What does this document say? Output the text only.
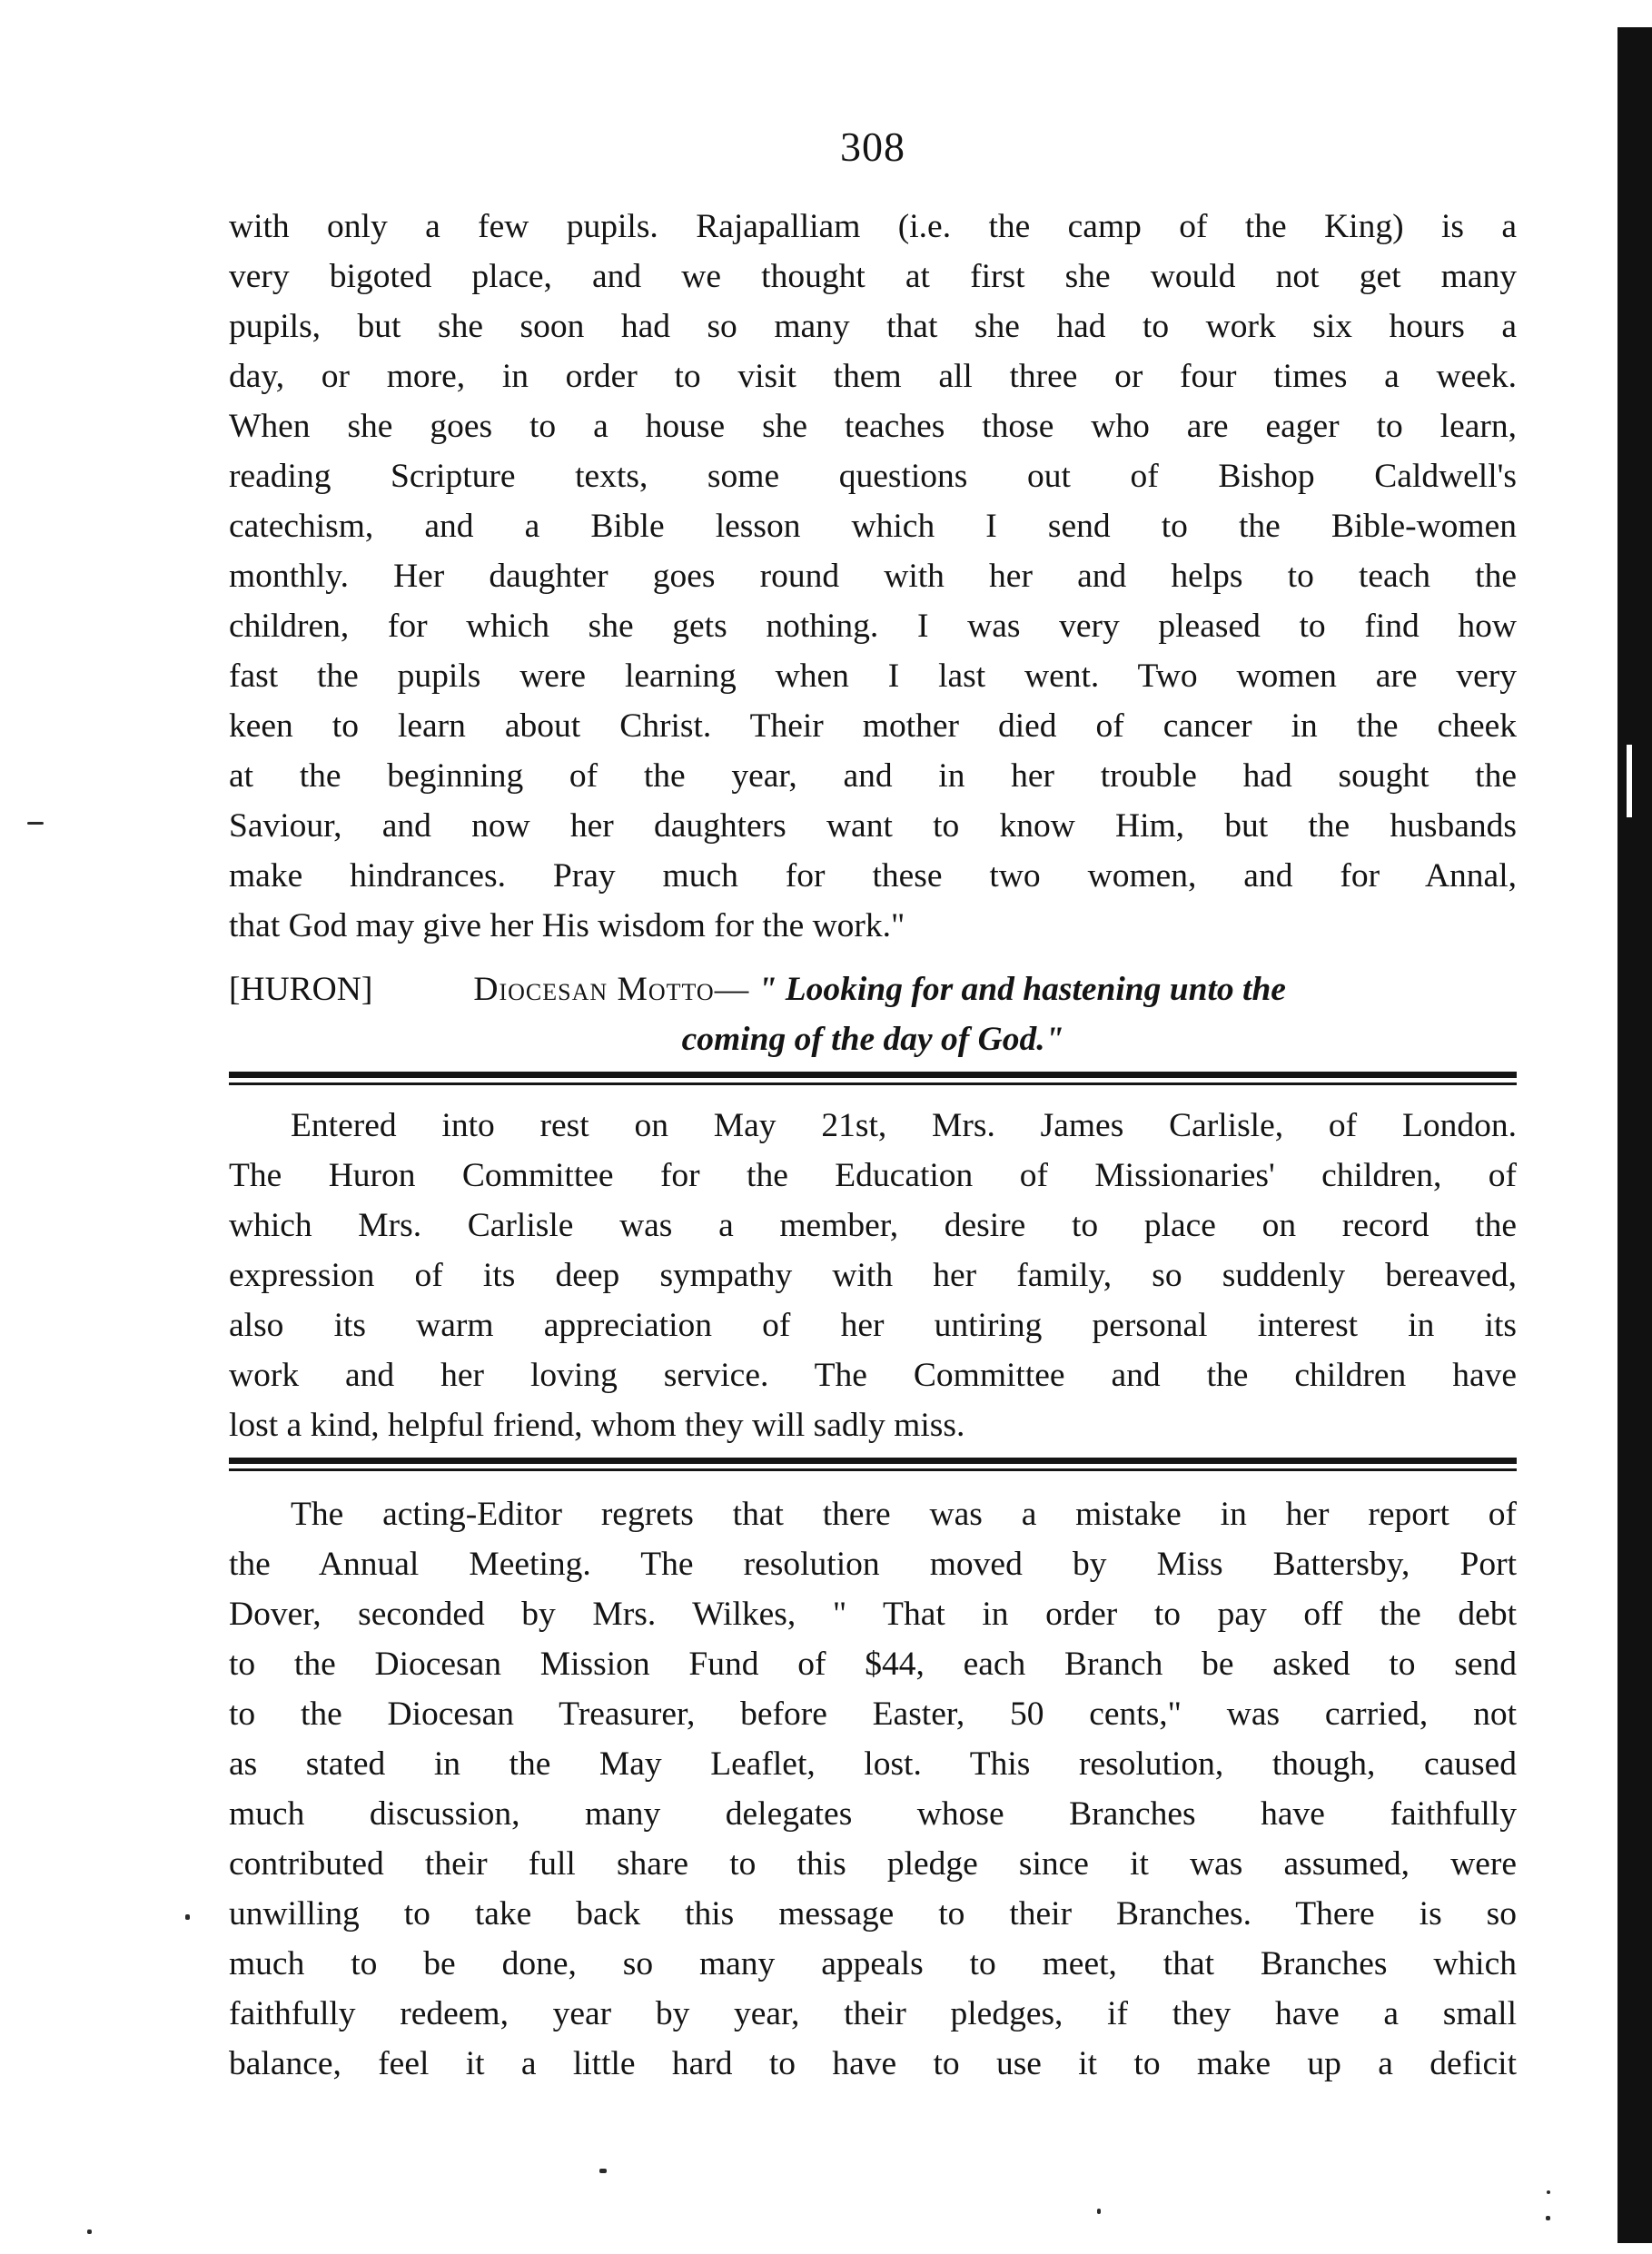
308
with only a few pupils. Rajapalliam (i.e. the camp of the King) is a
very bigoted place, and we thought at first she would not get many
pupils, but she soon had so many that she had to work six hours a
day, or more, in order to visit them all three or four times a week.
When she goes to a house she teaches those who are eager to learn,
reading Scripture texts, some questions out of Bishop Caldwell's
catechism, and a Bible lesson which I send to the Bible-women
monthly. Her daughter goes round with her and helps to teach the
children, for which she gets nothing. I was very pleased to find how
fast the pupils were learning when I last went. Two women are very
keen to learn about Christ. Their mother died of cancer in the cheek
at the beginning of the year, and in her trouble had sought the
Saviour, and now her daughters want to know Him, but the husbands
make hindrances. Pray much for these two women, and for Annal,
that God may give her His wisdom for the work."
[HURON]	Diocesan Motto— " Looking for and hastening unto the
coming of the day of God."
Entered into rest on May 21st, Mrs. James Carlisle, of London.
The Huron Committee for the Education of Missionaries' children, of
which Mrs. Carlisle was a member, desire to place on record the
expression of its deep sympathy with her family, so suddenly bereaved,
also its warm appreciation of her untiring personal interest in its
work and her loving service. The Committee and the children have
lost a kind, helpful friend, whom they will sadly miss.
The acting-Editor regrets that there was a mistake in her report of
the Annual Meeting. The resolution moved by Miss Battersby, Port
Dover, seconded by Mrs. Wilkes, " That in order to pay off the debt
to the Diocesan Mission Fund of $44, each Branch be asked to send
to the Diocesan Treasurer, before Easter, 50 cents," was carried, not
as stated in the May Leaflet, lost. This resolution, though, caused
much discussion, many delegates whose Branches have faithfully
contributed their full share to this pledge since it was assumed, were
unwilling to take back this message to their Branches. There is so
much to be done, so many appeals to meet, that Branches which
faithfully redeem, year by year, their pledges, if they have a small
balance, feel it a little hard to have to use it to make up a deficit
